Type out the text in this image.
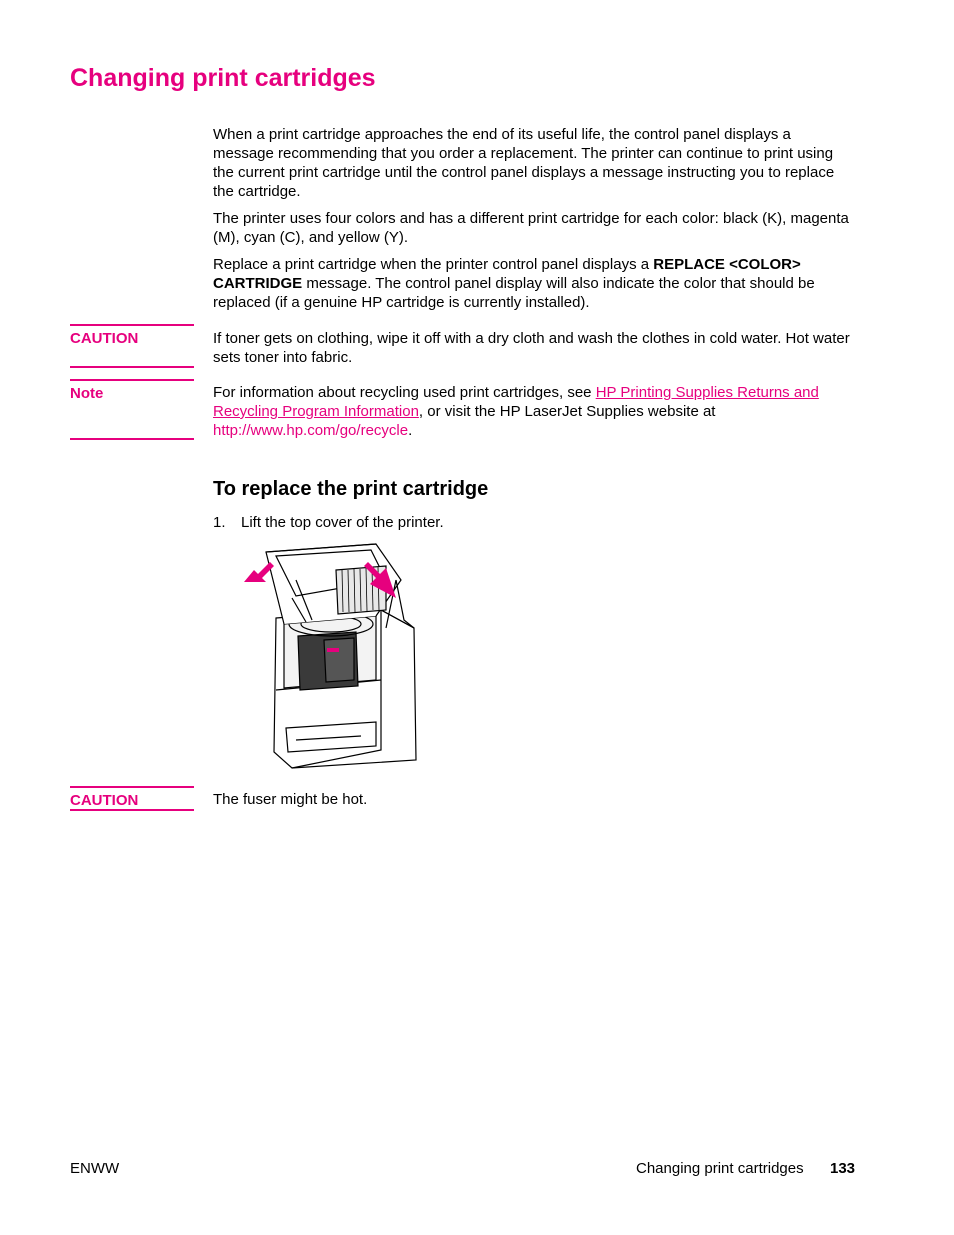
Changing print cartridges

When a print cartridge approaches the end of its useful life, the control panel displays a message recommending that you order a replacement. The printer can continue to print using the current print cartridge until the control panel displays a message instructing you to replace the cartridge.

The printer uses four colors and has a different print cartridge for each color: black (K), magenta (M), cyan (C), and yellow (Y).

Replace a print cartridge when the printer control panel displays a REPLACE <COLOR> CARTRIDGE message. The control panel display will also indicate the color that should be replaced (if a genuine HP cartridge is currently installed).

CAUTION	If toner gets on clothing, wipe it off with a dry cloth and wash the clothes in cold water. Hot water sets toner into fabric.

Note	For information about recycling used print cartridges, see HP Printing Supplies Returns and Recycling Program Information, or visit the HP LaserJet Supplies website at http://www.hp.com/go/recycle.

To replace the print cartridge
1. Lift the top cover of the printer.
CAUTION	The fuser might be hot.

ENWW	Changing print cartridges 133
